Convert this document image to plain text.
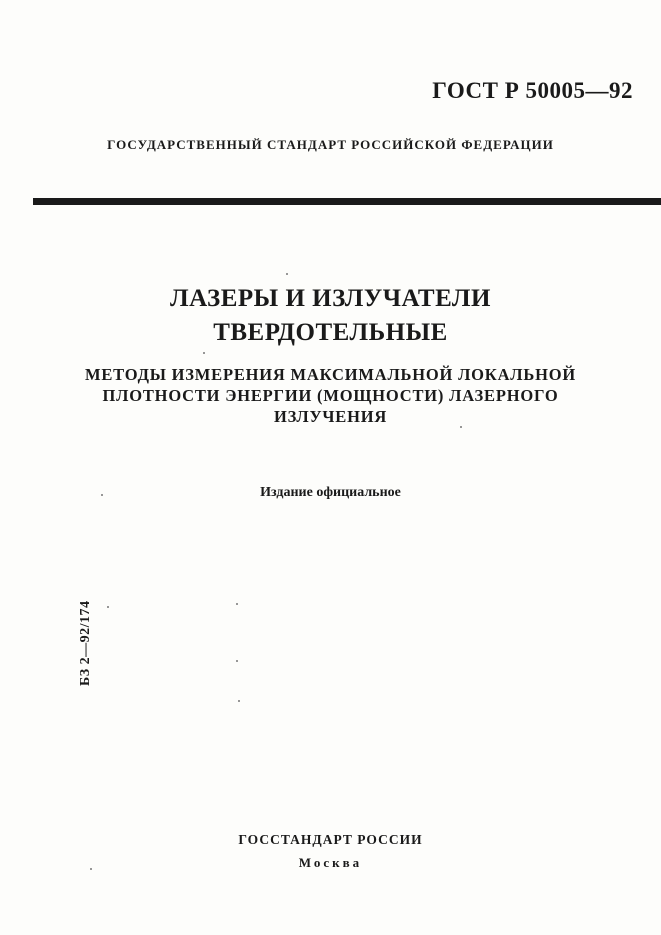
ГОСТ Р 50005—92
ГОСУДАРСТВЕННЫЙ СТАНДАРТ РОССИЙСКОЙ ФЕДЕРАЦИИ
ЛАЗЕРЫ И ИЗЛУЧАТЕЛИ
ТВЕРДОТЕЛЬНЫЕ
МЕТОДЫ ИЗМЕРЕНИЯ МАКСИМАЛЬНОЙ ЛОКАЛЬНОЙ
ПЛОТНОСТИ ЭНЕРГИИ (МОЩНОСТИ) ЛАЗЕРНОГО
ИЗЛУЧЕНИЯ
Издание официальное
БЗ 2—92/174
ГОССТАНДАРТ РОССИИ
Москва
